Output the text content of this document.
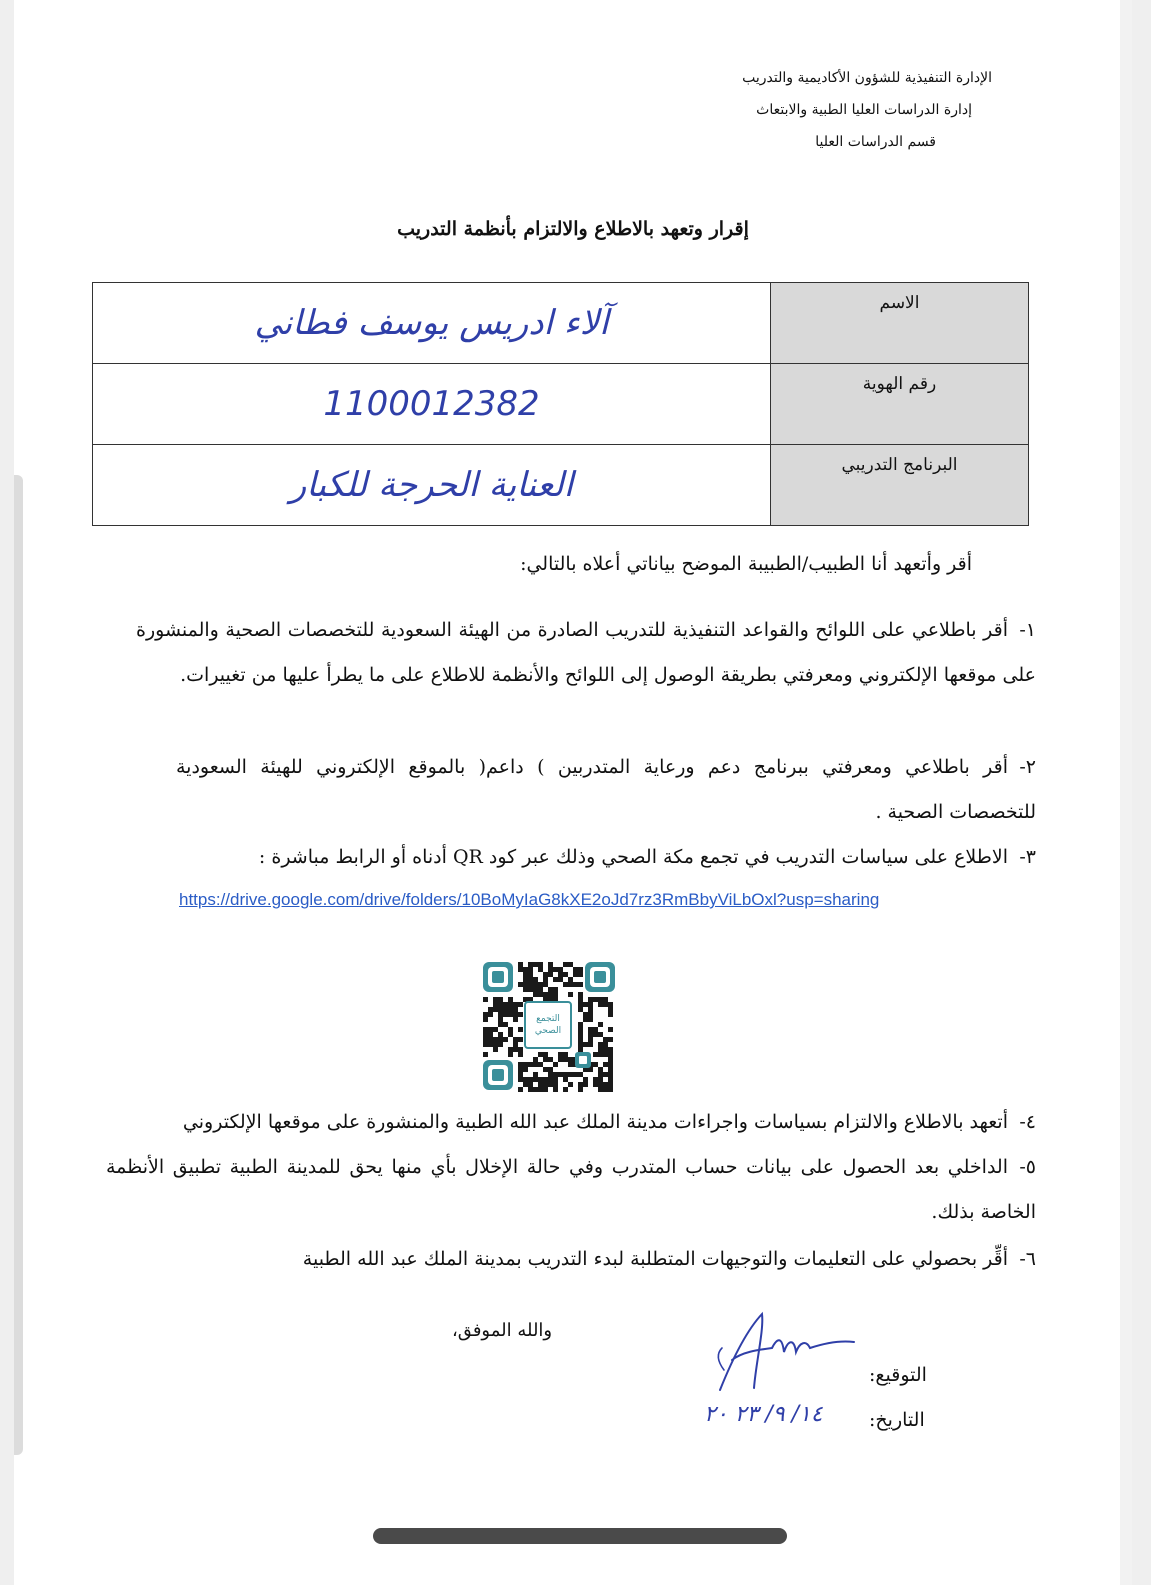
الإدارة التنفيذية للشؤون الأكاديمية والتدريب
إدارة الدراسات العليا الطبية والابتعاث
قسم الدراسات العليا
إقرار وتعهد بالاطلاع والالتزام بأنظمة التدريب
الاسم	آلاء ادريس يوسف فطاني
رقم الهوية	1100012382
البرنامج التدريبي	العناية الحرجة للكبار
أقر وأتعهد أنا الطبيب/الطبيبة الموضح بياناتي أعلاه بالتالي:
١-أقر باطلاعي على اللوائح والقواعد التنفيذية للتدريب الصادرة من الهيئة السعودية للتخصصات الصحية والمنشورة على موقعها الإلكتروني ومعرفتي بطريقة الوصول إلى اللوائح والأنظمة للاطلاع على ما يطرأ عليها من تغييرات.
٢-أقر باطلاعي ومعرفتي ببرنامج دعم ورعاية المتدربين ) داعم( بالموقع الإلكتروني للهيئة السعودية للتخصصات الصحية .
٣-الاطلاع على سياسات التدريب في تجمع مكة الصحي وذلك عبر كود QR أدناه أو الرابط مباشرة :
https://drive.google.com/drive/folders/10BoMyIaG8kXE2oJd7rz3RmBbyViLbOxl?usp=sharing
التجمع
الصحي
٤-أتعهد بالاطلاع والالتزام بسياسات واجراءات مدينة الملك عبد الله الطبية والمنشورة على موقعها الإلكتروني
٥-الداخلي بعد الحصول على بيانات حساب المتدرب وفي حالة الإخلال بأي منها يحق للمدينة الطبية تطبيق الأنظمة الخاصة بذلك.
٦-أقِّر بحصولي على التعليمات والتوجيهات المتطلبة لبدء التدريب بمدينة الملك عبد الله الطبية
والله الموفق،
التوقيع:
التاريخ:
١٤/ ٩/ ٢٣ ٢٠
